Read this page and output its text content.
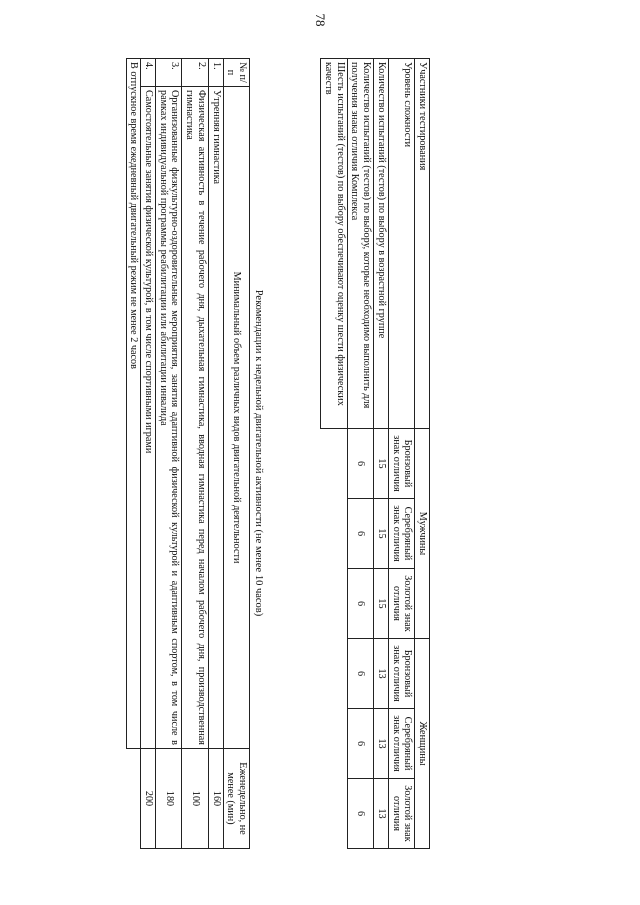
78
Участники тестирования	Мужчины			Женщины		
Уровень сложности	Бронзовый знак отличия	Серебряный знак отличия	Золотой знак отличия	Бронзовый знак отличия	Серебряный знак отличия	Золотой знак отличия
Количество испытаний (тестов) по выбору в возрастной группе	15	15	15	13	13	13
Количество испытаний (тестов) по выбору, которые необходимо выполнить для получения знака отличия Комплекса	6	6	6	6	6	6
Шесть испытаний (тестов) по выбору обеспечивают оценку шести физических качеств						
Рекомендации к недельной двигательной активности (не менее 10 часов)
№ п/п	Минимальный объем различных видов двигательной деятельности	Еженедельно, не менее (мин)
1.	Утренняя гимнастика	160
2.	Физическая активность в течение рабочего дня, дыхательная гимнастика, вводная гимнастика перед началом рабочего дня, производственная гимнастика	100
3.	Организованные физкультурно-оздоровительные мероприятия, занятия адаптивной физической культурой и адаптивным спортом, в том числе в рамках индивидуальной программы реабилитации или абилитации инвалида	180
4.	Самостоятельные занятия физической культурой, в том числе спортивными играми	200
В отпускное время ежедневный двигательный режим не менее 2 часов		
